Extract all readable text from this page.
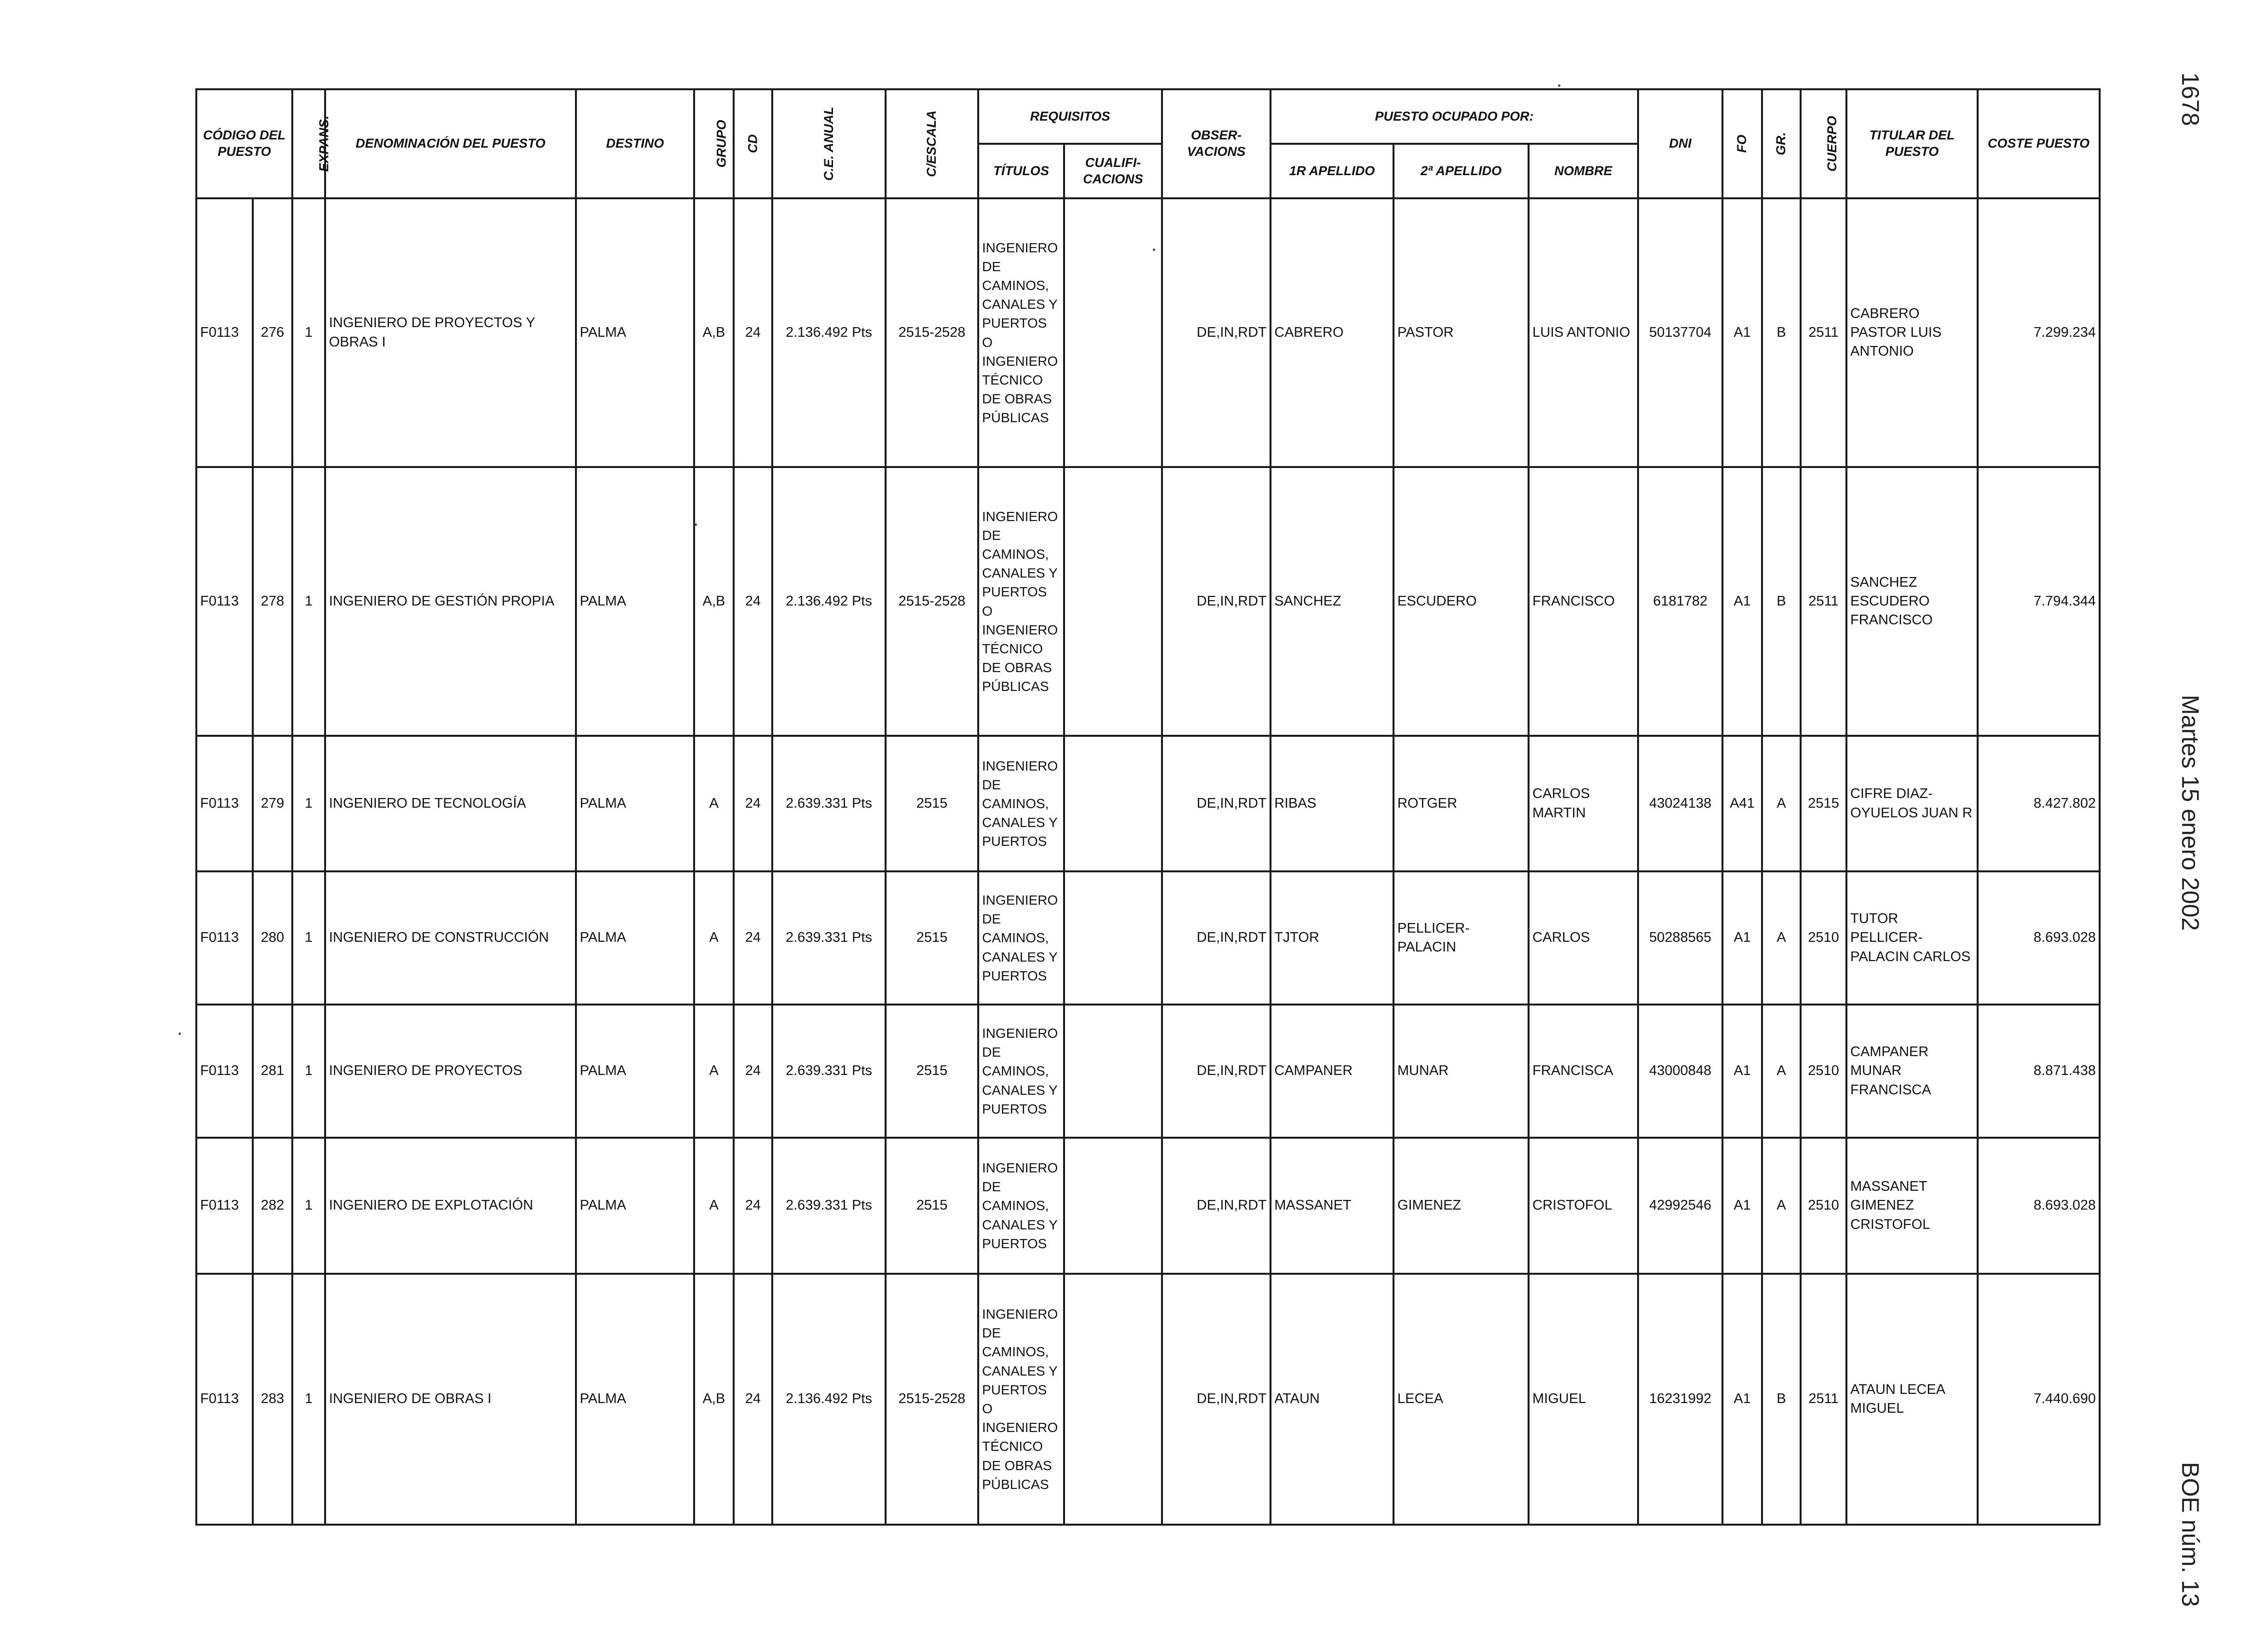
CÓDIGO DEL PUESTO		EXPANS.	DENOMINACIÓN DEL PUESTO	DESTINO	GRUPO	CD	C.E. ANUAL	C/ESCALA	REQUISITOS		OBSER-VACIONS	PUESTO OCUPADO POR:			DNI	FO	GR.	CUERPO	TITULAR DEL PUESTO	COSTE PUESTO
									TÍTULOS	CUALIFI-CACIONS		1R APELLIDO	2ª APELLIDO	NOMBRE						
F0113	276	1	INGENIERO DE PROYECTOS Y OBRAS I	PALMA	A,B	24	2.136.492 Pts	2515-2528	INGENIERO DE CAMINOS, CANALES Y PUERTOS O INGENIERO TÉCNICO DE OBRAS PÚBLICAS		DE,IN,RDT	CABRERO	PASTOR	LUIS ANTONIO	50137704	A1	B	2511	CABRERO PASTOR LUIS ANTONIO	7.299.234
F0113	278	1	INGENIERO DE GESTIÓN PROPIA	PALMA	A,B	24	2.136.492 Pts	2515-2528	INGENIERO DE CAMINOS, CANALES Y PUERTOS O INGENIERO TÉCNICO DE OBRAS PÚBLICAS		DE,IN,RDT	SANCHEZ	ESCUDERO	FRANCISCO	6181782	A1	B	2511	SANCHEZ ESCUDERO FRANCISCO	7.794.344
F0113	279	1	INGENIERO DE TECNOLOGÍA	PALMA	A	24	2.639.331 Pts	2515	INGENIERO DE CAMINOS, CANALES Y PUERTOS		DE,IN,RDT	RIBAS	ROTGER	CARLOS MARTIN	43024138	A41	A	2515	CIFRE DIAZ-OYUELOS JUAN R	8.427.802
F0113	280	1	INGENIERO DE CONSTRUCCIÓN	PALMA	A	24	2.639.331 Pts	2515	INGENIERO DE CAMINOS, CANALES Y PUERTOS		DE,IN,RDT	TJTOR	PELLICER-PALACIN	CARLOS	50288565	A1	A	2510	TUTOR PELLICER-PALACIN CARLOS	8.693.028
F0113	281	1	INGENIERO DE PROYECTOS	PALMA	A	24	2.639.331 Pts	2515	INGENIERO DE CAMINOS, CANALES Y PUERTOS		DE,IN,RDT	CAMPANER	MUNAR	FRANCISCA	43000848	A1	A	2510	CAMPANER MUNAR FRANCISCA	8.871.438
F0113	282	1	INGENIERO DE EXPLOTACIÓN	PALMA	A	24	2.639.331 Pts	2515	INGENIERO DE CAMINOS, CANALES Y PUERTOS		DE,IN,RDT	MASSANET	GIMENEZ	CRISTOFOL	42992546	A1	A	2510	MASSANET GIMENEZ CRISTOFOL	8.693.028
F0113	283	1	INGENIERO DE OBRAS I	PALMA	A,B	24	2.136.492 Pts	2515-2528	INGENIERO DE CAMINOS, CANALES Y PUERTOS O INGENIERO TÉCNICO DE OBRAS PÚBLICAS		DE,IN,RDT	ATAUN	LECEA	MIGUEL	16231992	A1	B	2511	ATAUN LECEA MIGUEL	7.440.690
1678
Martes 15 enero 2002
BOE núm. 13
